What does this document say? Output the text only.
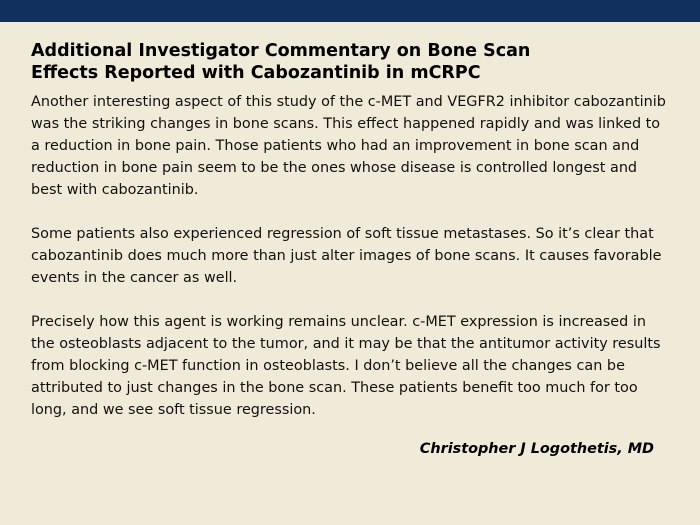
Additional Investigator Commentary on Bone Scan
Effects Reported with Cabozantinib in mCRPC

Another interesting aspect of this study of the c-MET and VEGFR2 inhibitor cabozantinib was the striking changes in bone scans. This effect happened rapidly and was linked to a reduction in bone pain. Those patients who had an improvement in bone scan and reduction in bone pain seem to be the ones whose disease is controlled longest and best with cabozantinib.

Some patients also experienced regression of soft tissue metastases. So it’s clear that cabozantinib does much more than just alter images of bone scans. It causes favorable events in the cancer as well.

Precisely how this agent is working remains unclear. c-MET expression is increased in the osteoblasts adjacent to the tumor, and it may be that the antitumor activity results from blocking c-MET function in osteoblasts. I don’t believe all the changes can be attributed to just changes in the bone scan. These patients benefit too much for too long, and we see soft tissue regression.

Christopher J Logothetis, MD
